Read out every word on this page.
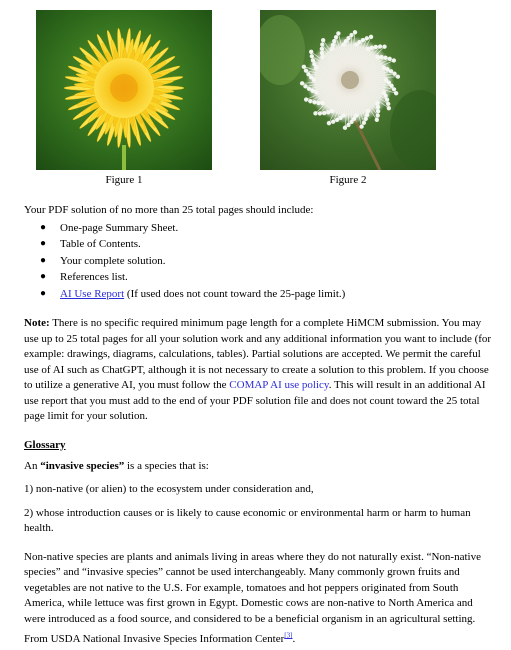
Figure 1	Figure 2

Your PDF solution of no more than 25 total pages should include:

● One-page Summary Sheet.
● Table of Contents.
● Your complete solution.
● References list.
● AI Use Report (If used does not count toward the 25-page limit.)

Note: There is no specific required minimum page length for a complete HiMCM submission. You may use up to 25 total pages for all your solution work and any additional information you want to include (for example: drawings, diagrams, calculations, tables). Partial solutions are accepted. We permit the careful use of AI such as ChatGPT, although it is not necessary to create a solution to this problem. If you choose to utilize a generative AI, you must follow the COMAP AI use policy. This will result in an additional AI use report that you must add to the end of your PDF solution file and does not count toward the 25 total page limit for your solution.

Glossary

An “invasive species” is a species that is:

1) non-native (or alien) to the ecosystem under consideration and,

2) whose introduction causes or is likely to cause economic or environmental harm or harm to human health.

Non-native species are plants and animals living in areas where they do not naturally exist. “Non-native species” and “invasive species” cannot be used interchangeably. Many commonly grown fruits and vegetables are not native to the U.S. For example, tomatoes and hot peppers originated from South America, while lettuce was first grown in Egypt. Domestic cows are non-native to North America and were introduced as a food source, and considered to be a beneficial organism in an agricultural setting.

From USDA National Invasive Species Information Center[3].
